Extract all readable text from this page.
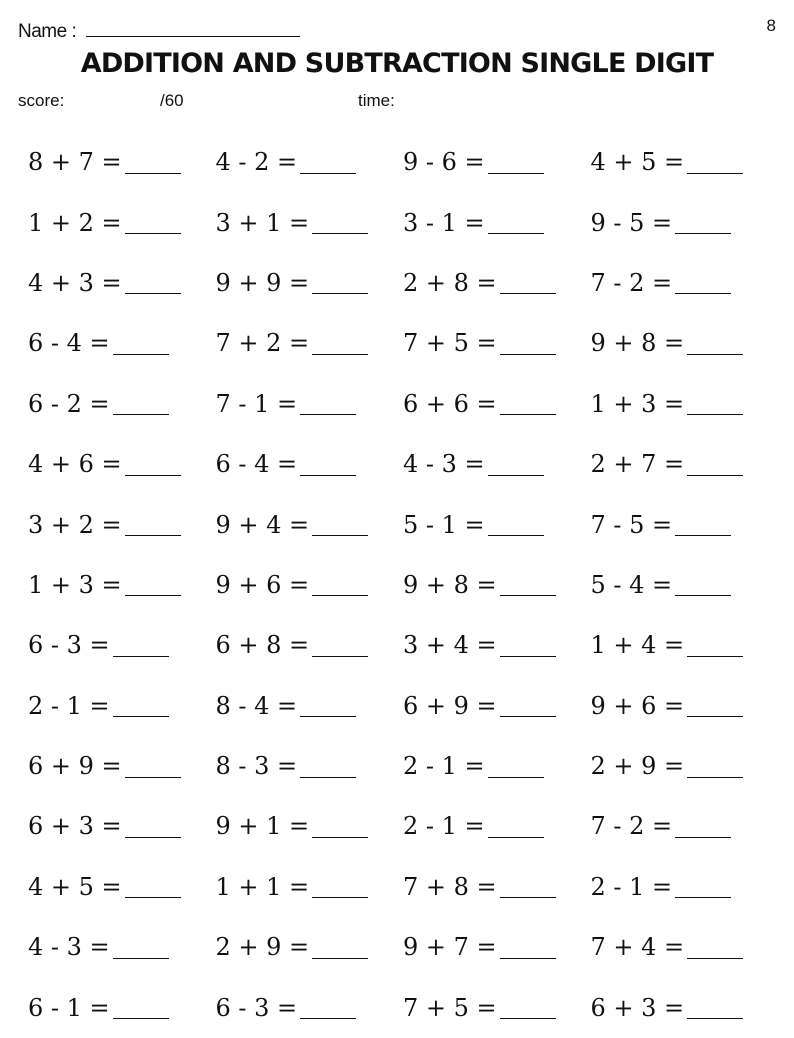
Name :	8
ADDITION AND SUBTRACTION SINGLE DIGIT
score:	/60	time:
8 + 7 =	4 - 2 =	9 - 6 =	4 + 5 =
1 + 2 =	3 + 1 =	3 - 1 =	9 - 5 =
4 + 3 =	9 + 9 =	2 + 8 =	7 - 2 =
6 - 4 =	7 + 2 =	7 + 5 =	9 + 8 =
6 - 2 =	7 - 1 =	6 + 6 =	1 + 3 =
4 + 6 =	6 - 4 =	4 - 3 =	2 + 7 =
3 + 2 =	9 + 4 =	5 - 1 =	7 - 5 =
1 + 3 =	9 + 6 =	9 + 8 =	5 - 4 =
6 - 3 =	6 + 8 =	3 + 4 =	1 + 4 =
2 - 1 =	8 - 4 =	6 + 9 =	9 + 6 =
6 + 9 =	8 - 3 =	2 - 1 =	2 + 9 =
6 + 3 =	9 + 1 =	2 - 1 =	7 - 2 =
4 + 5 =	1 + 1 =	7 + 8 =	2 - 1 =
4 - 3 =	2 + 9 =	9 + 7 =	7 + 4 =
6 - 1 =	6 - 3 =	7 + 5 =	6 + 3 =
